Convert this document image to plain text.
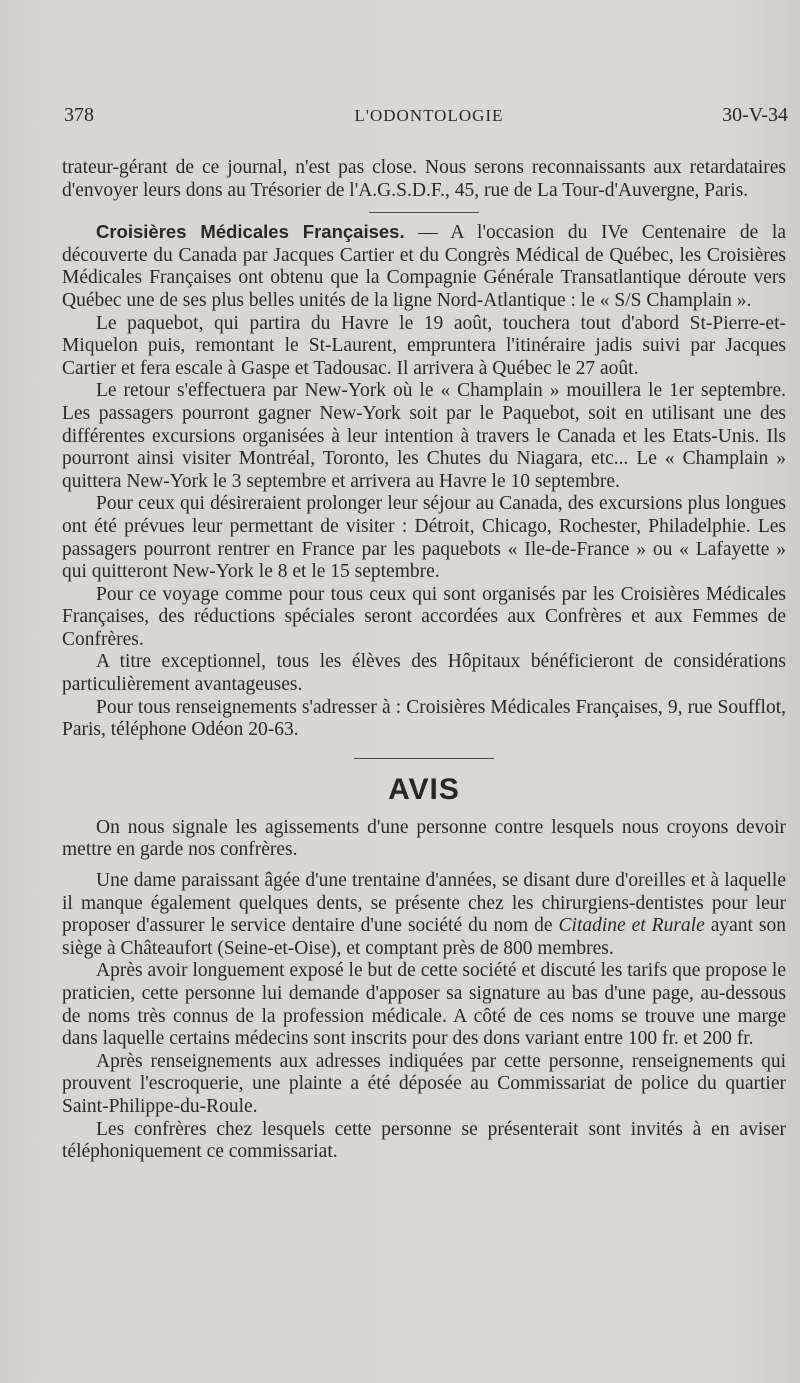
378	L'ODONTOLOGIE	30-V-34

trateur-gérant de ce journal, n'est pas close. Nous serons reconnaissants aux retardataires d'envoyer leurs dons au Trésorier de l'A.G.S.D.F., 45, rue de La Tour-d'Auvergne, Paris.

Croisières Médicales Françaises. — A l'occasion du IVe Centenaire de la découverte du Canada par Jacques Cartier et du Congrès Médical de Québec, les Croisières Médicales Françaises ont obtenu que la Compagnie Générale Transatlantique déroute vers Québec une de ses plus belles unités de la ligne Nord-Atlantique : le « S/S Champlain ».

Le paquebot, qui partira du Havre le 19 août, touchera tout d'abord St-Pierre-et-Miquelon puis, remontant le St-Laurent, empruntera l'itinéraire jadis suivi par Jacques Cartier et fera escale à Gaspe et Tadousac. Il arrivera à Québec le 27 août.

Le retour s'effectuera par New-York où le « Champlain » mouillera le 1er septembre. Les passagers pourront gagner New-York soit par le Paquebot, soit en utilisant une des différentes excursions organisées à leur intention à travers le Canada et les Etats-Unis. Ils pourront ainsi visiter Montréal, Toronto, les Chutes du Niagara, etc... Le « Champlain » quittera New-York le 3 septembre et arrivera au Havre le 10 septembre.

Pour ceux qui désireraient prolonger leur séjour au Canada, des excursions plus longues ont été prévues leur permettant de visiter : Détroit, Chicago, Rochester, Philadelphie. Les passagers pourront rentrer en France par les paquebots « Ile-de-France » ou « Lafayette » qui quitteront New-York le 8 et le 15 septembre.

Pour ce voyage comme pour tous ceux qui sont organisés par les Croisières Médicales Françaises, des réductions spéciales seront accordées aux Confrères et aux Femmes de Confrères.

A titre exceptionnel, tous les élèves des Hôpitaux bénéficieront de considérations particulièrement avantageuses.

Pour tous renseignements s'adresser à : Croisières Médicales Françaises, 9, rue Soufflot, Paris, téléphone Odéon 20-63.

AVIS

On nous signale les agissements d'une personne contre lesquels nous croyons devoir mettre en garde nos confrères.

Une dame paraissant âgée d'une trentaine d'années, se disant dure d'oreilles et à laquelle il manque également quelques dents, se présente chez les chirurgiens-dentistes pour leur proposer d'assurer le service dentaire d'une société du nom de Citadine et Rurale ayant son siège à Châteaufort (Seine-et-Oise), et comptant près de 800 membres.

Après avoir longuement exposé le but de cette société et discuté les tarifs que propose le praticien, cette personne lui demande d'apposer sa signature au bas d'une page, au-dessous de noms très connus de la profession médicale. A côté de ces noms se trouve une marge dans laquelle certains médecins sont inscrits pour des dons variant entre 100 fr. et 200 fr.

Après renseignements aux adresses indiquées par cette personne, renseignements qui prouvent l'escroquerie, une plainte a été déposée au Commissariat de police du quartier Saint-Philippe-du-Roule.

Les confrères chez lesquels cette personne se présenterait sont invités à en aviser téléphoniquement ce commissariat.
